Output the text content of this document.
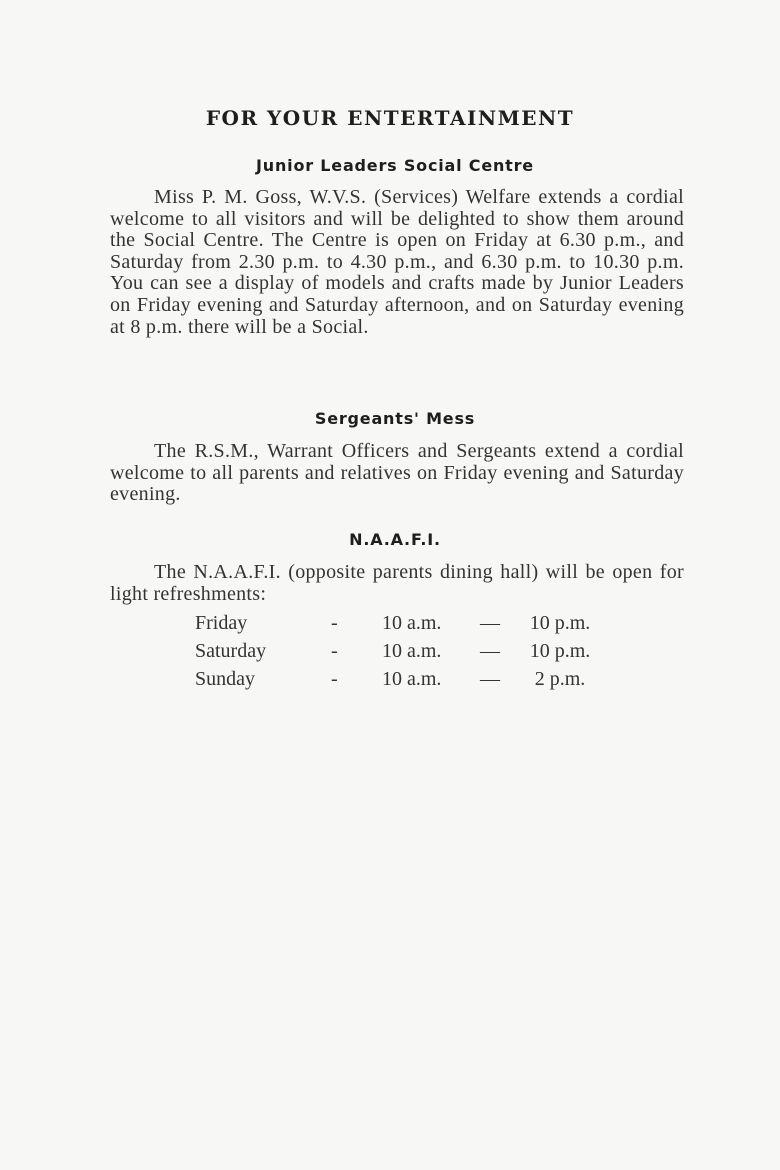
FOR YOUR ENTERTAINMENT
Junior Leaders Social Centre

Miss P. M. Goss, W.V.S. (Services) Welfare extends a cordial welcome to all visitors and will be delighted to show them around the Social Centre. The Centre is open on Friday at 6.30 p.m., and Saturday from 2.30 p.m. to 4.30 p.m., and 6.30 p.m. to 10.30 p.m. You can see a display of models and crafts made by Junior Leaders on Friday evening and Saturday afternoon, and on Saturday evening at 8 p.m. there will be a Social.

Sergeants' Mess

The R.S.M., Warrant Officers and Sergeants extend a cordial welcome to all parents and relatives on Friday evening and Saturday evening.

N.A.A.F.I.

The N.A.A.F.I. (opposite parents dining hall) will be open for light refreshments:

Friday	- 10 a.m. —	10 p.m.
Saturday	- 10 a.m. —	10 p.m.
Sunday	- 10 a.m. —	2 p.m.
